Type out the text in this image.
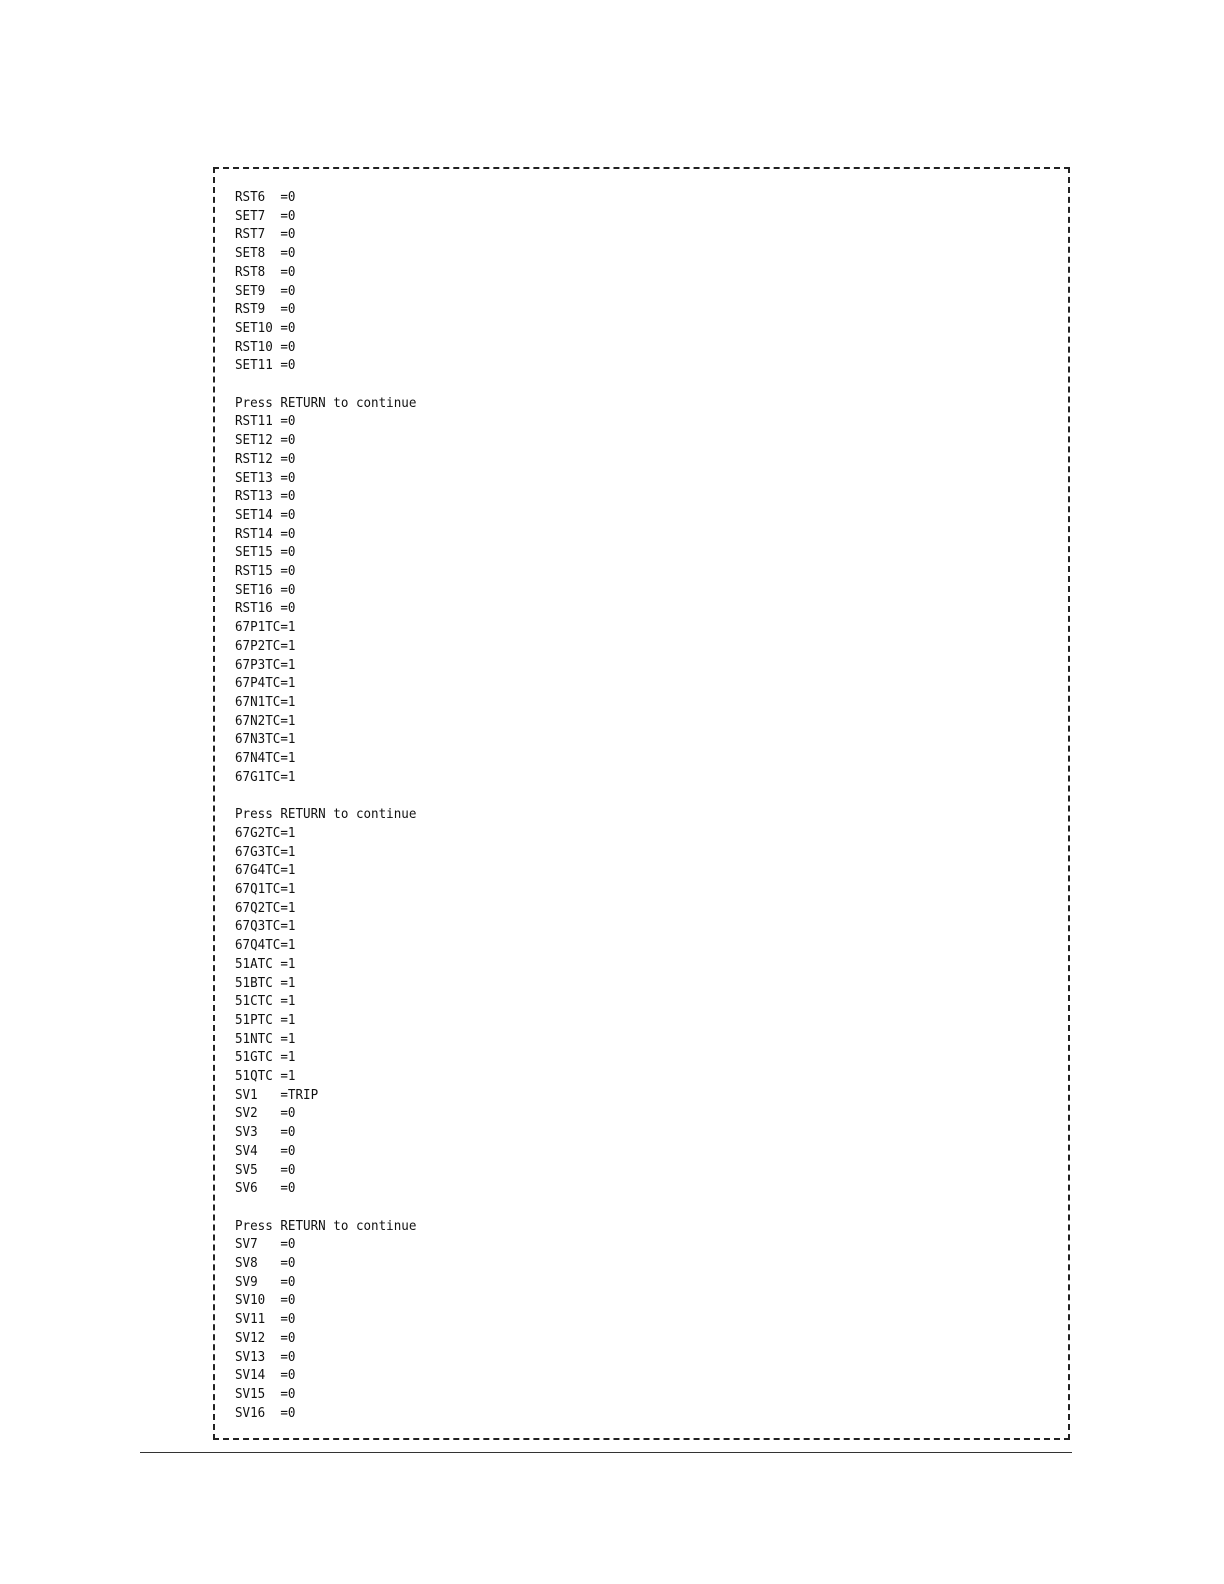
RST6  =0
SET7  =0
RST7  =0
SET8  =0
RST8  =0
SET9  =0
RST9  =0
SET10 =0
RST10 =0
SET11 =0
Press RETURN to continue
RST11 =0
SET12 =0
RST12 =0
SET13 =0
RST13 =0
SET14 =0
RST14 =0
SET15 =0
RST15 =0
SET16 =0
RST16 =0
67P1TC=1
67P2TC=1
67P3TC=1
67P4TC=1
67N1TC=1
67N2TC=1
67N3TC=1
67N4TC=1
67G1TC=1
Press RETURN to continue
67G2TC=1
67G3TC=1
67G4TC=1
67Q1TC=1
67Q2TC=1
67Q3TC=1
67Q4TC=1
51ATC =1
51BTC =1
51CTC =1
51PTC =1
51NTC =1
51GTC =1
51QTC =1
SV1   =TRIP
SV2   =0
SV3   =0
SV4   =0
SV5   =0
SV6   =0
Press RETURN to continue
SV7   =0
SV8   =0
SV9   =0
SV10  =0
SV11  =0
SV12  =0
SV13  =0
SV14  =0
SV15  =0
SV16  =0
